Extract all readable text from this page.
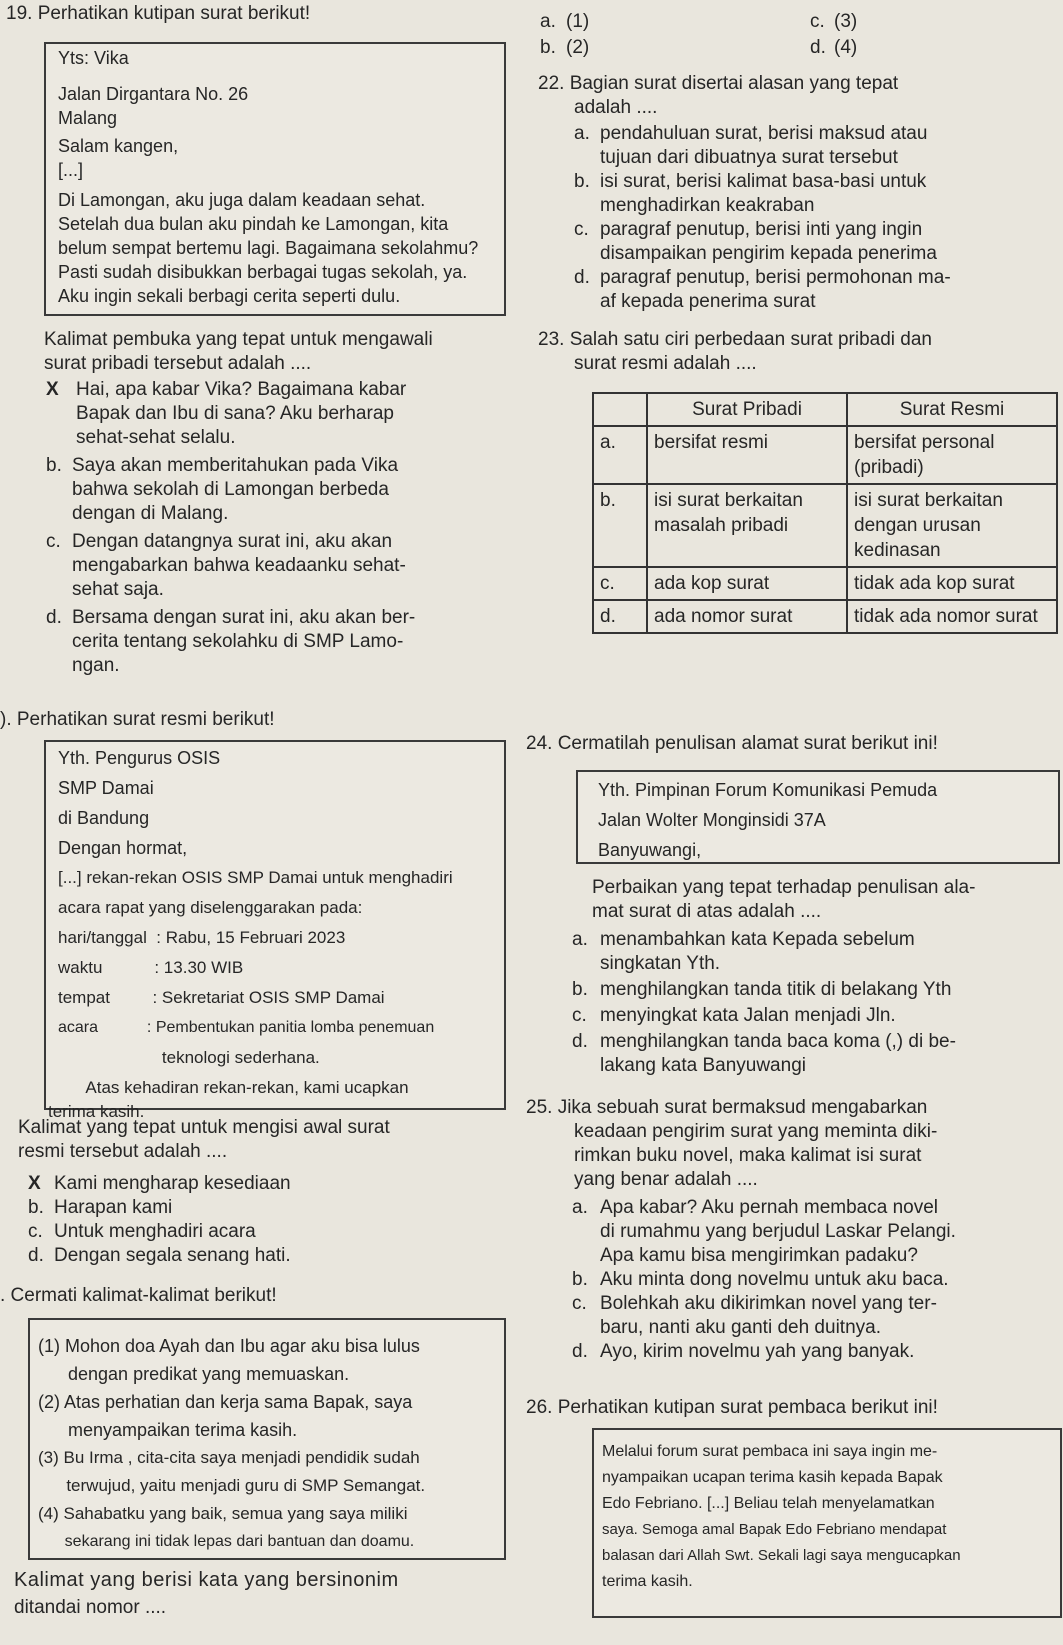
19. Perhatikan kutipan surat berikut!
Yts: Vika
Jalan Dirgantara No. 26
Malang
Salam kangen,
[...]
Di Lamongan, aku juga dalam keadaan sehat.
Setelah dua bulan aku pindah ke Lamongan, kita
belum sempat bertemu lagi. Bagaimana sekolahmu?
Pasti sudah disibukkan berbagai tugas sekolah, ya.
Aku ingin sekali berbagi cerita seperti dulu.
Kalimat pembuka yang tepat untuk mengawali
surat pribadi tersebut adalah ....
X Hai, apa kabar Vika? Bagaimana kabar
Bapak dan Ibu di sana? Aku berharap
sehat-sehat selalu.
b. Saya akan memberitahukan pada Vika
bahwa sekolah di Lamongan berbeda
dengan di Malang.
c. Dengan datangnya surat ini, aku akan
mengabarkan bahwa keadaanku sehat-
sehat saja.
d. Bersama dengan surat ini, aku akan ber-
cerita tentang sekolahku di SMP Lamo-
ngan.
). Perhatikan surat resmi berikut!
Yth. Pengurus OSIS
SMP Damai
di Bandung
Dengan hormat,
[...] rekan-rekan OSIS SMP Damai untuk menghadiri
acara rapat yang diselenggarakan pada:
hari/tanggal  : Rabu, 15 Februari 2023
waktu           : 13.30 WIB
tempat         : Sekretariat OSIS SMP Damai
acara           : Pembentukan panitia lomba penemuan
teknologi sederhana.
Atas kehadiran rekan-rekan, kami ucapkan
terima kasih.
Kalimat yang tepat untuk mengisi awal surat
resmi tersebut adalah ....
X Kami mengharap kesediaan
b. Harapan kami
c. Untuk menghadiri acara
d. Dengan segala senang hati.
. Cermati kalimat-kalimat berikut!
(1) Mohon doa Ayah dan Ibu agar aku bisa lulus
dengan predikat yang memuaskan.
(2) Atas perhatian dan kerja sama Bapak, saya
menyampaikan terima kasih.
(3) Bu Irma , cita-cita saya menjadi pendidik sudah
terwujud, yaitu menjadi guru di SMP Semangat.
(4) Sahabatku yang baik, semua yang saya miliki
sekarang ini tidak lepas dari bantuan dan doamu.
Kalimat yang berisi kata yang bersinonim
ditandai nomor ....
a. (1)	c. (3)
b. (2)	d. (4)
22. Bagian surat disertai alasan yang tepat
adalah ....
a. pendahuluan surat, berisi maksud atau
tujuan dari dibuatnya surat tersebut
b. isi surat, berisi kalimat basa-basi untuk
menghadirkan keakraban
c. paragraf penutup, berisi inti yang ingin
disampaikan pengirim kepada penerima
d. paragraf penutup, berisi permohonan ma-
af kepada penerima surat
23. Salah satu ciri perbedaan surat pribadi dan
surat resmi adalah ....
	Surat Pribadi	Surat Resmi
a.	bersifat resmi	bersifat personal (pribadi)
b.	isi surat berkaitan masalah pribadi	isi surat berkaitan dengan urusan kedinasan
c.	ada kop surat	tidak ada kop surat
d.	ada nomor surat	tidak ada nomor surat
24. Cermatilah penulisan alamat surat berikut ini!
Yth. Pimpinan Forum Komunikasi Pemuda
Jalan Wolter Monginsidi 37A
Banyuwangi,
Perbaikan yang tepat terhadap penulisan ala-
mat surat di atas adalah ....
a. menambahkan kata Kepada sebelum
singkatan Yth.
b. menghilangkan tanda titik di belakang Yth
c. menyingkat kata Jalan menjadi Jln.
d. menghilangkan tanda baca koma (,) di be-
lakang kata Banyuwangi
25. Jika sebuah surat bermaksud mengabarkan
keadaan pengirim surat yang meminta diki-
rimkan buku novel, maka kalimat isi surat
yang benar adalah ....
a. Apa kabar? Aku pernah membaca novel
di rumahmu yang berjudul Laskar Pelangi.
Apa kamu bisa mengirimkan padaku?
b. Aku minta dong novelmu untuk aku baca.
c. Bolehkah aku dikirimkan novel yang ter-
baru, nanti aku ganti deh duitnya.
d. Ayo, kirim novelmu yah yang banyak.
26. Perhatikan kutipan surat pembaca berikut ini!
Melalui forum surat pembaca ini saya ingin me-
nyampaikan ucapan terima kasih kepada Bapak
Edo Febriano. [...] Beliau telah menyelamatkan
saya. Semoga amal Bapak Edo Febriano mendapat
balasan dari Allah Swt. Sekali lagi saya mengucapkan
terima kasih.
